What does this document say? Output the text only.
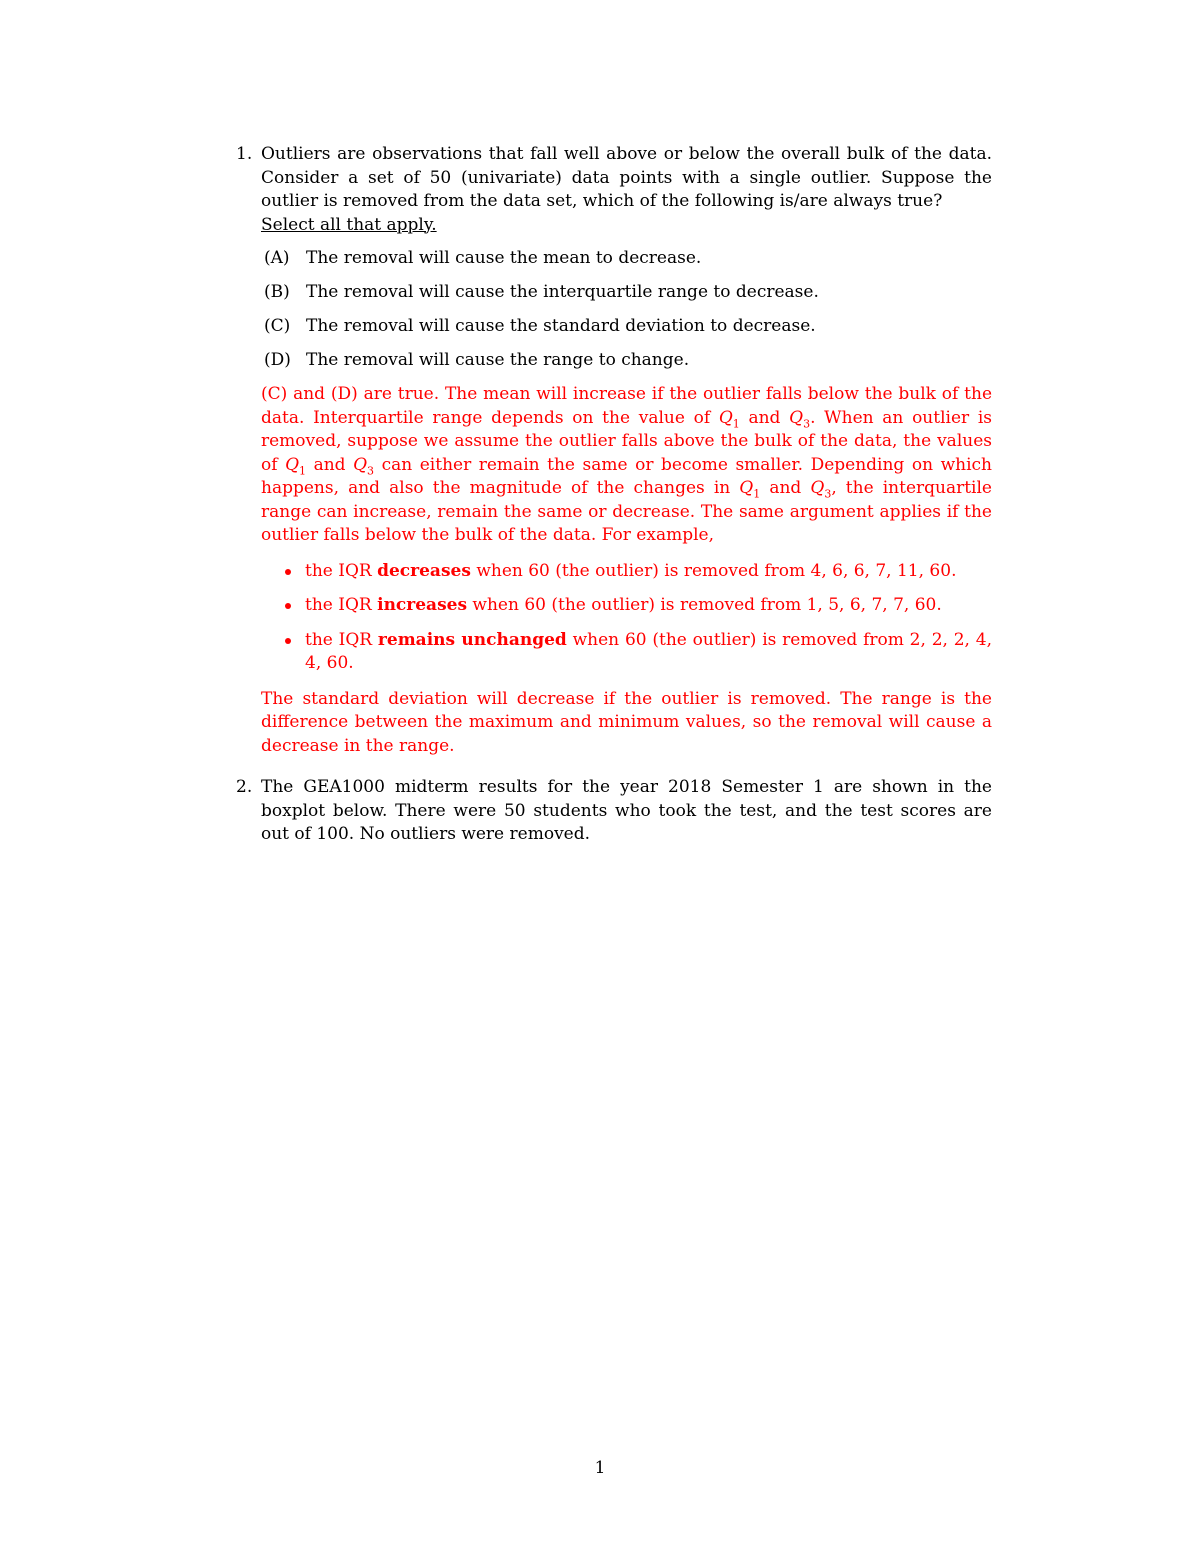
1. Outliers are observations that fall well above or below the overall bulk of the data. Consider a set of 50 (univariate) data points with a single outlier. Suppose the outlier is removed from the data set, which of the following is/are always true?
Select all that apply.
(A) The removal will cause the mean to decrease.
(B) The removal will cause the interquartile range to decrease.
(C) The removal will cause the standard deviation to decrease.
(D) The removal will cause the range to change.

(C) and (D) are true. The mean will increase if the outlier falls below the bulk of the data. Interquartile range depends on the value of $Q_1$ and $Q_3$. When an outlier is removed, suppose we assume the outlier falls above the bulk of the data, the values of $Q_1$ and $Q_3$ can either remain the same or become smaller. Depending on which happens, and also the magnitude of the changes in $Q_1$ and $Q_3$, the interquartile range can increase, remain the same or decrease. The same argument applies if the outlier falls below the bulk of the data. For example,

the IQR decreases when 60 (the outlier) is removed from 4, 6, 6, 7, 11, 60.
the IQR increases when 60 (the outlier) is removed from 1, 5, 6, 7, 7, 60.
the IQR remains unchanged when 60 (the outlier) is removed from 2, 2, 2, 4, 4, 60.

The standard deviation will decrease if the outlier is removed. The range is the difference between the maximum and minimum values, so the removal will cause a decrease in the range.

2. The GEA1000 midterm results for the year 2018 Semester 1 are shown in the boxplot below. There were 50 students who took the test, and the test scores are out of 100. No outliers were removed.
1
